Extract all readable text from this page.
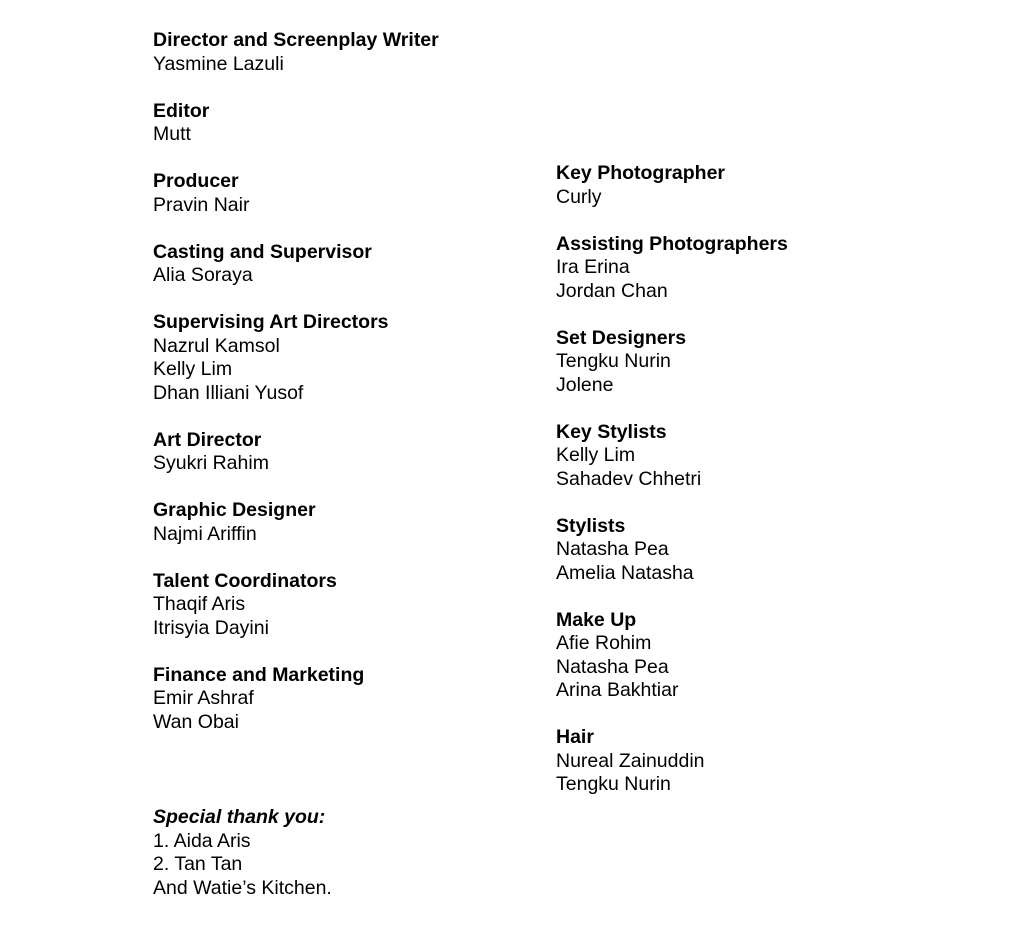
Director and Screenplay Writer

Yasmine Lazuli

Editor

Mutt

Producer

Pravin Nair

Casting and Supervisor

Alia Soraya

Supervising Art Directors

Nazrul Kamsol

Kelly Lim

Dhan Illiani Yusof

Art Director

Syukri Rahim

Graphic Designer

Najmi Ariffin

Talent Coordinators

Thaqif Aris

Itrisyia Dayini

Finance and Marketing

Emir Ashraf

Wan Obai

Key Photographer

Curly

Assisting Photographers

Ira Erina

Jordan Chan

Set Designers

Tengku Nurin

Jolene

Key Stylists

Kelly Lim

Sahadev Chhetri

Stylists

Natasha Pea

Amelia Natasha

Make Up

Afie Rohim

Natasha Pea

Arina Bakhtiar

Hair

Nureal Zainuddin

Tengku Nurin

Special thank you:

1. Aida Aris

2. Tan Tan

And Watie’s Kitchen.
